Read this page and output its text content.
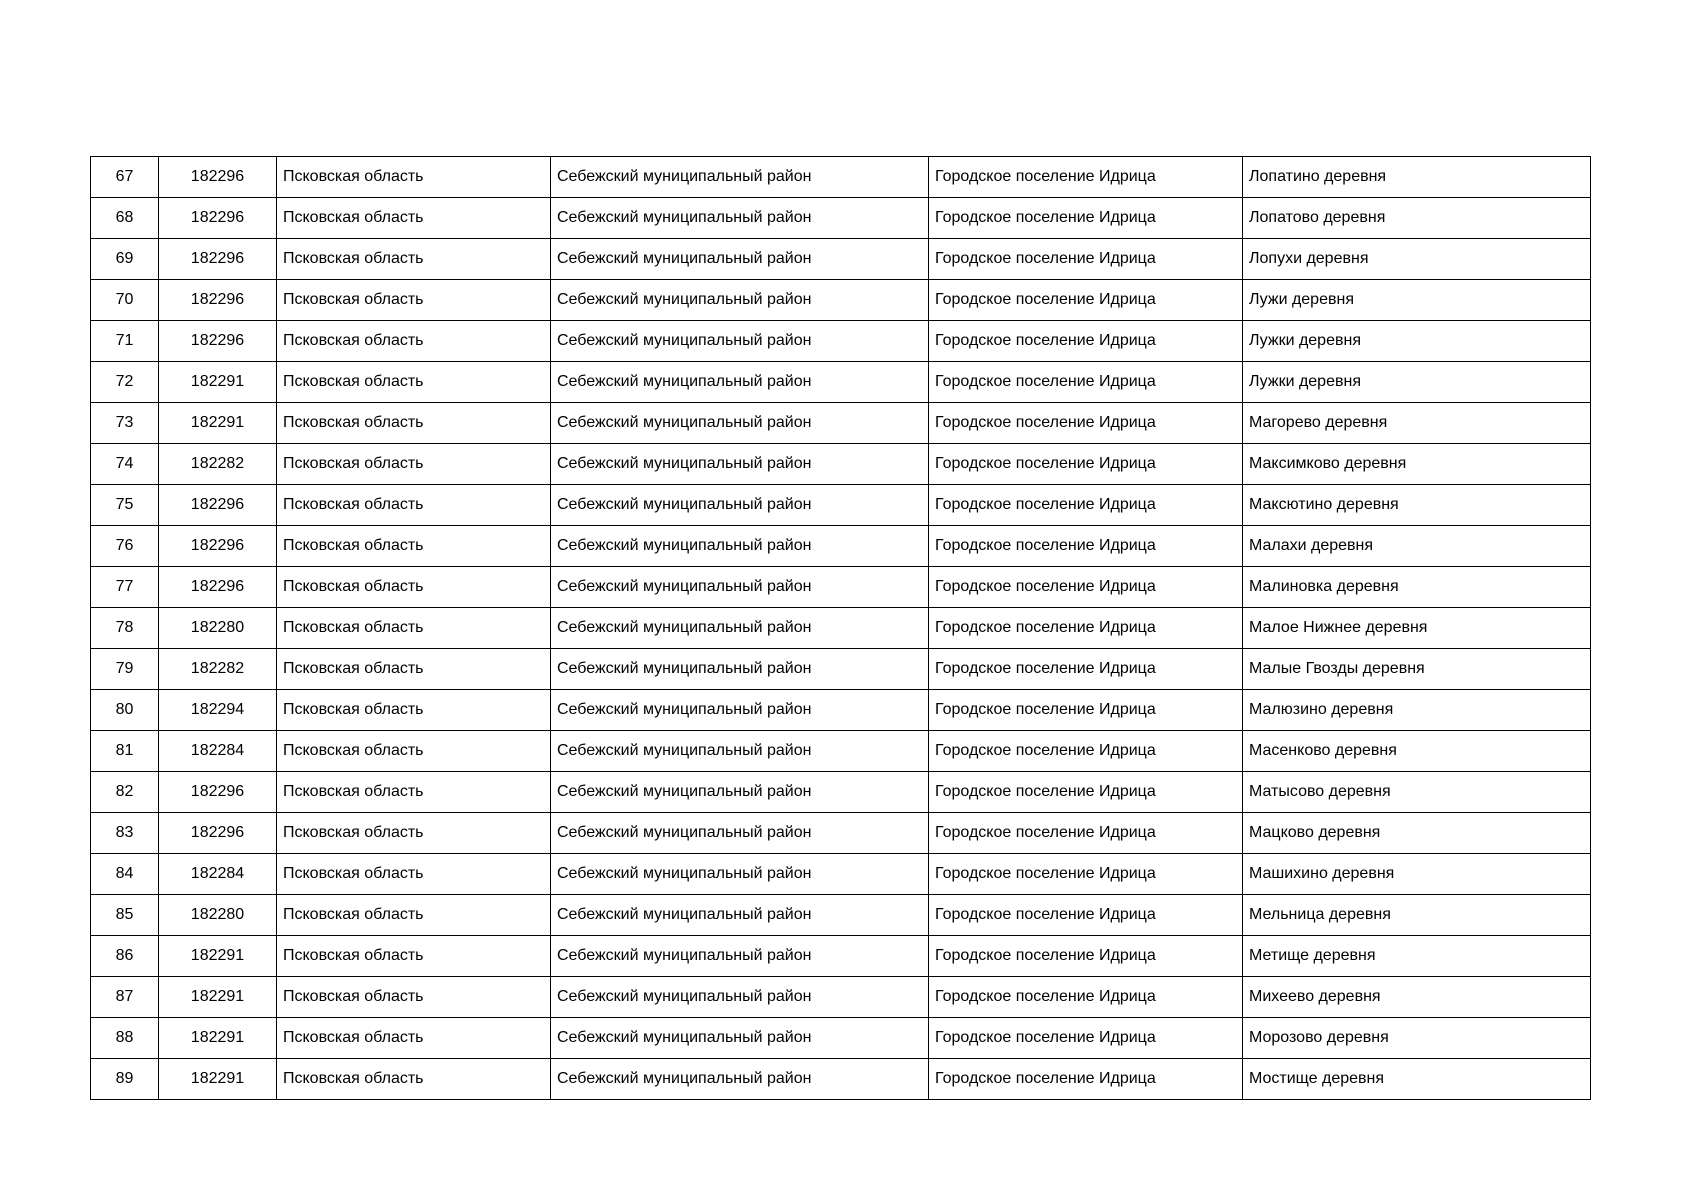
67	182296	Псковская область	Себежский муниципальный район	Городское поселение Идрица	Лопатино деревня
68	182296	Псковская область	Себежский муниципальный район	Городское поселение Идрица	Лопатово деревня
69	182296	Псковская область	Себежский муниципальный район	Городское поселение Идрица	Лопухи деревня
70	182296	Псковская область	Себежский муниципальный район	Городское поселение Идрица	Лужи деревня
71	182296	Псковская область	Себежский муниципальный район	Городское поселение Идрица	Лужки деревня
72	182291	Псковская область	Себежский муниципальный район	Городское поселение Идрица	Лужки деревня
73	182291	Псковская область	Себежский муниципальный район	Городское поселение Идрица	Магорево деревня
74	182282	Псковская область	Себежский муниципальный район	Городское поселение Идрица	Максимково деревня
75	182296	Псковская область	Себежский муниципальный район	Городское поселение Идрица	Максютино деревня
76	182296	Псковская область	Себежский муниципальный район	Городское поселение Идрица	Малахи деревня
77	182296	Псковская область	Себежский муниципальный район	Городское поселение Идрица	Малиновка деревня
78	182280	Псковская область	Себежский муниципальный район	Городское поселение Идрица	Малое Нижнее деревня
79	182282	Псковская область	Себежский муниципальный район	Городское поселение Идрица	Малые Гвозды деревня
80	182294	Псковская область	Себежский муниципальный район	Городское поселение Идрица	Малюзино деревня
81	182284	Псковская область	Себежский муниципальный район	Городское поселение Идрица	Масенково деревня
82	182296	Псковская область	Себежский муниципальный район	Городское поселение Идрица	Матысово деревня
83	182296	Псковская область	Себежский муниципальный район	Городское поселение Идрица	Мацково деревня
84	182284	Псковская область	Себежский муниципальный район	Городское поселение Идрица	Машихино деревня
85	182280	Псковская область	Себежский муниципальный район	Городское поселение Идрица	Мельница деревня
86	182291	Псковская область	Себежский муниципальный район	Городское поселение Идрица	Метище деревня
87	182291	Псковская область	Себежский муниципальный район	Городское поселение Идрица	Михеево деревня
88	182291	Псковская область	Себежский муниципальный район	Городское поселение Идрица	Морозово деревня
89	182291	Псковская область	Себежский муниципальный район	Городское поселение Идрица	Мостище деревня
